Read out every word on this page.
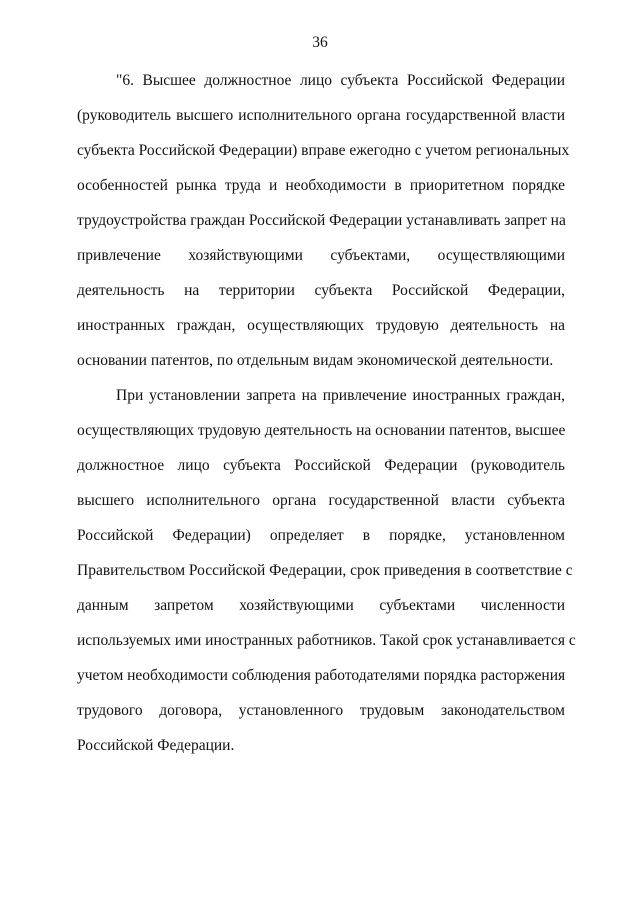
36
"6. Высшее должностное лицо субъекта Российской Федерации
(руководитель высшего исполнительного органа государственной власти
субъекта Российской Федерации) вправе ежегодно с учетом региональных
особенностей рынка труда и необходимости в приоритетном порядке
трудоустройства граждан Российской Федерации устанавливать запрет на
привлечение хозяйствующими субъектами, осуществляющими
деятельность на территории субъекта Российской Федерации,
иностранных граждан, осуществляющих трудовую деятельность на
основании патентов, по отдельным видам экономической деятельности.
При установлении запрета на привлечение иностранных граждан,
осуществляющих трудовую деятельность на основании патентов, высшее
должностное лицо субъекта Российской Федерации (руководитель
высшего исполнительного органа государственной власти субъекта
Российской Федерации) определяет в порядке, установленном
Правительством Российской Федерации, срок приведения в соответствие с
данным запретом хозяйствующими субъектами численности
используемых ими иностранных работников. Такой срок устанавливается с
учетом необходимости соблюдения работодателями порядка расторжения
трудового договора, установленного трудовым законодательством
Российской Федерации.
